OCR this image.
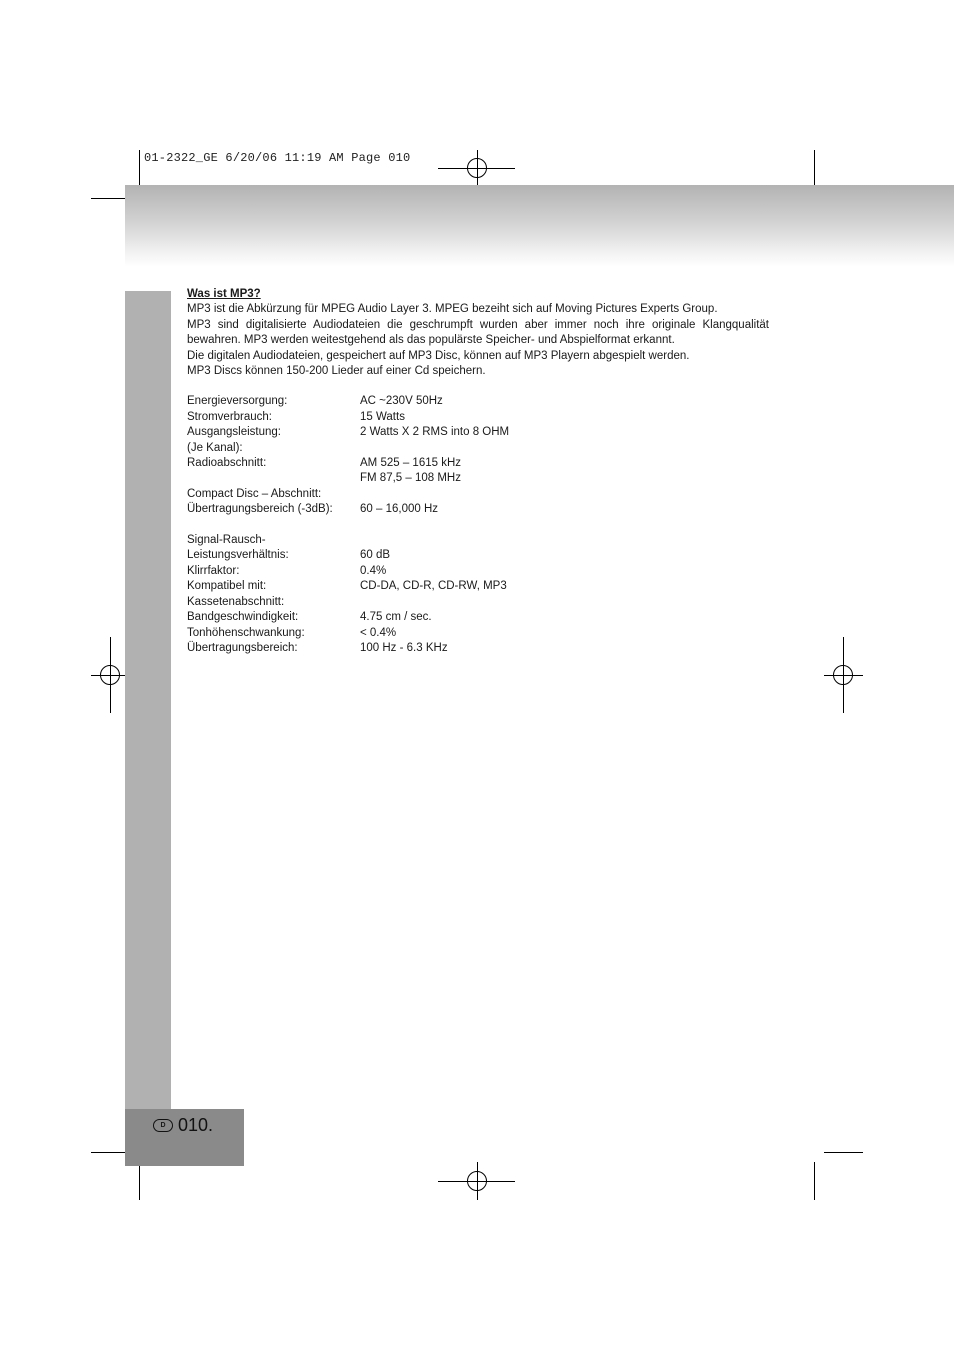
01-2322_GE 6/20/06 11:19 AM Page 010
D 010.
Was ist MP3?

MP3 ist die Abkürzung für MPEG Audio Layer 3. MPEG bezeiht sich auf Moving Pictures Experts Group.

MP3 sind digitalisierte Audiodateien die geschrumpft wurden aber immer noch ihre originale Klangqualität bewahren. MP3 werden weitestgehend als das populärste Speicher- und Abspielformat erkannt.

Die digitalen Audiodateien, gespeichert auf MP3 Disc, können auf MP3 Playern abgespielt werden.

MP3 Discs können 150-200 Lieder auf einer Cd speichern.

Energieversorgung:	AC ~230V 50Hz
Stromverbrauch:	15 Watts
Ausgangsleistung:	2 Watts X 2 RMS into 8 OHM
(Je Kanal):
Radioabschnitt:	AM 525 – 1615 kHz
FM 87,5 – 108 MHz
Compact Disc – Abschnitt:
Übertragungsbereich (-3dB):	60 – 16,000 Hz
Signal-Rausch-
Leistungsverhältnis:	60 dB
Klirrfaktor:	0.4%
Kompatibel mit:	CD-DA, CD-R, CD-RW, MP3
Kassetenabschnitt:
Bandgeschwindigkeit:	4.75 cm / sec.
Tonhöhenschwankung:	< 0.4%
Übertragungsbereich:	100 Hz - 6.3 KHz
